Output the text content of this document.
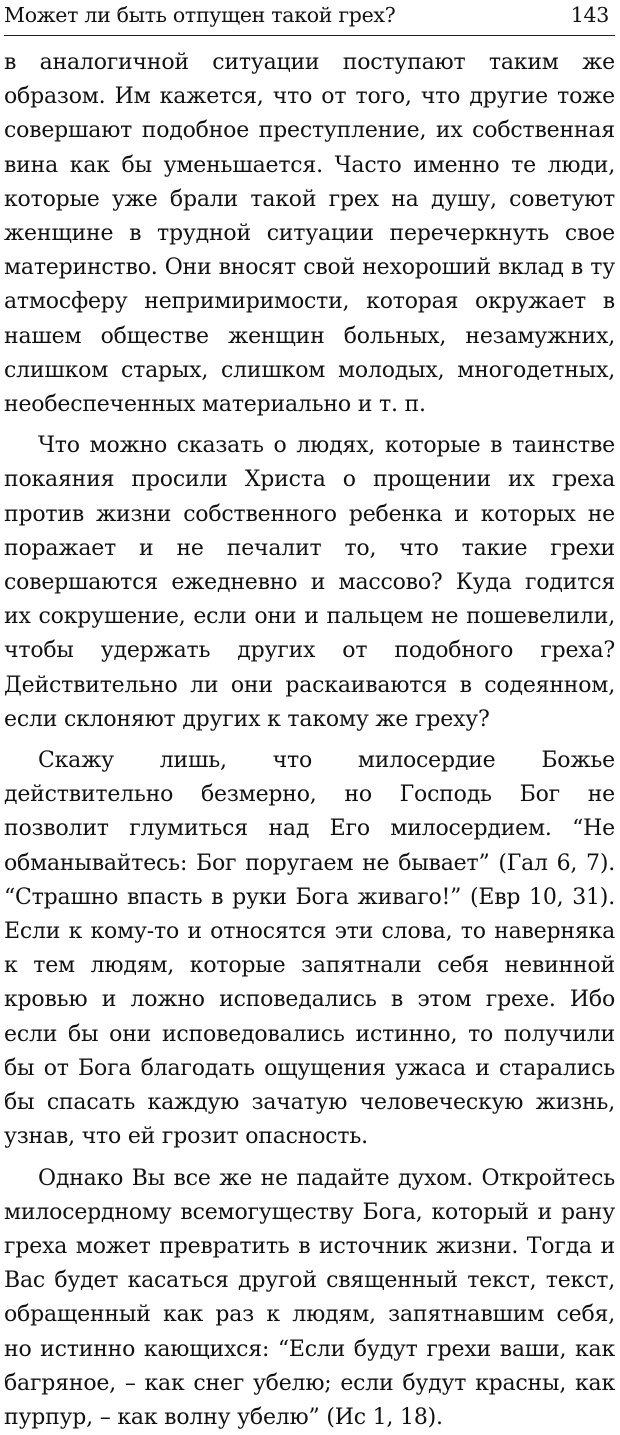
Может ли быть отпущен такой грех?	143

в аналогичной ситуации поступают таким же образом. Им кажется, что от того, что другие тоже совершают подобное преступление, их собственная вина как бы уменьшается. Часто именно те люди, которые уже брали такой грех на душу, советуют женщине в трудной ситуации перечеркнуть свое материнство. Они вносят свой нехороший вклад в ту атмосферу непримиримости, которая окружает в нашем обществе женщин больных, незамужних, слишком старых, слишком молодых, многодетных, необеспеченных материально и т. п.

Что можно сказать о людях, которые в таинстве покаяния просили Христа о прощении их греха против жизни собственного ребенка и которых не поражает и не печалит то, что такие грехи совершаются ежедневно и массово? Куда годится их сокрушение, если они и пальцем не пошевелили, чтобы удержать других от подобного греха? Действительно ли они раскаиваются в содеянном, если склоняют других к такому же греху?

Скажу лишь, что милосердие Божье действительно безмерно, но Господь Бог не позволит глумиться над Его милосердием. “Не обманывайтесь: Бог поругаем не бывает” (Гал 6, 7). “Страшно впасть в руки Бога живаго!” (Евр 10, 31). Если к кому-то и относятся эти слова, то наверняка к тем людям, которые запятнали себя невинной кровью и ложно исповедались в этом грехе. Ибо если бы они исповедовались истинно, то получили бы от Бога благодать ощущения ужаса и старались бы спасать каждую зачатую человеческую жизнь, узнав, что ей грозит опасность.

Однако Вы все же не падайте духом. Откройтесь милосердному всемогуществу Бога, который и рану греха может превратить в источник жизни. Тогда и Вас будет касаться другой священный текст, текст, обращенный как раз к людям, запятнавшим себя, но истинно кающихся: “Если будут грехи ваши, как багряное, – как снег убелю; если будут красны, как пурпур, – как волну убелю” (Ис 1, 18).
